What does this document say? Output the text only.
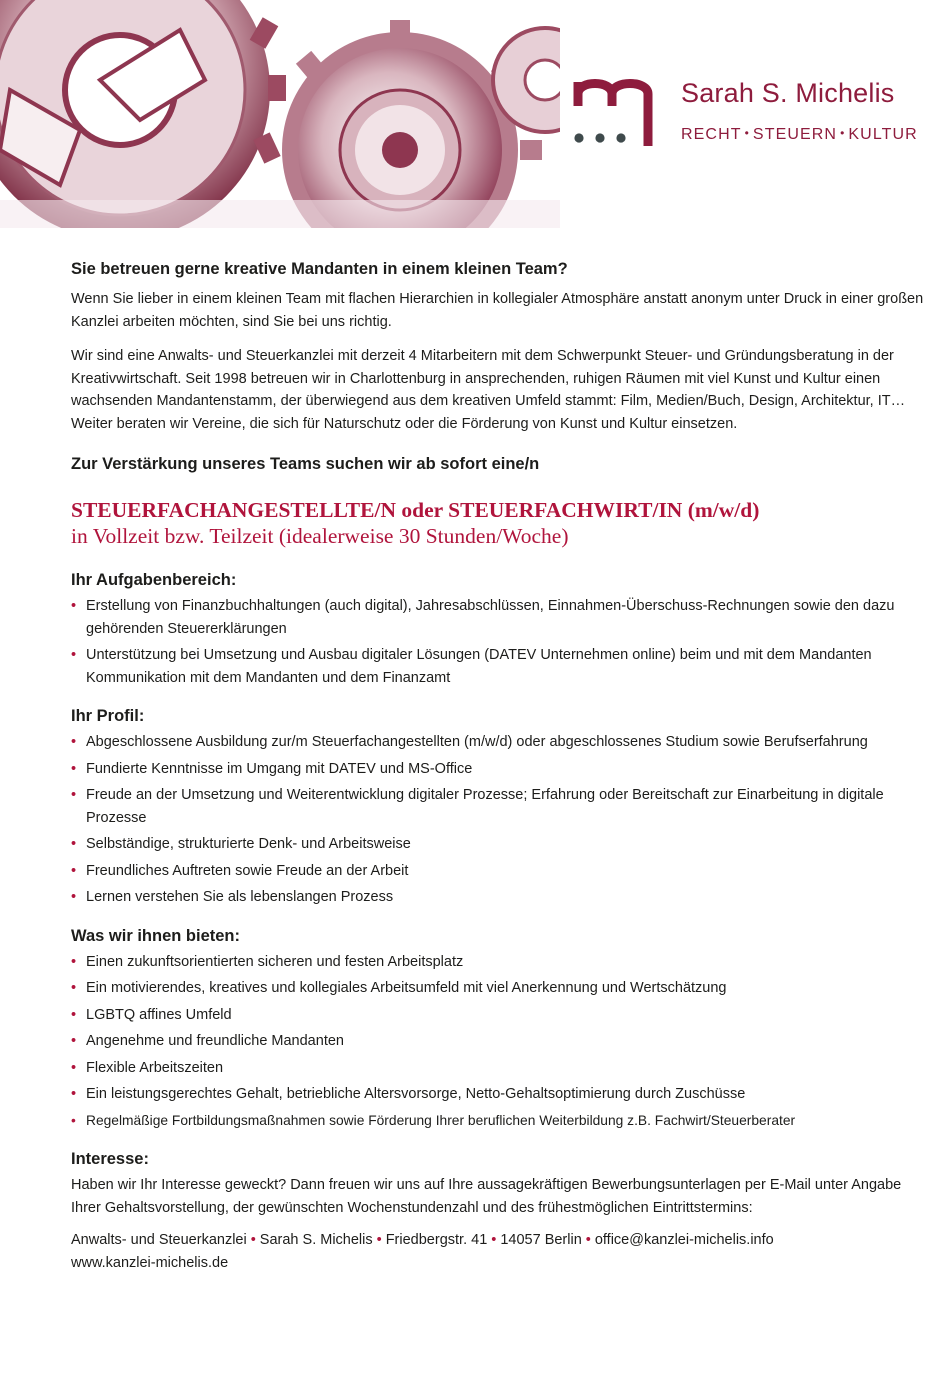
Sarah S. Michelis
RECHT • STEUERN • KULTUR
Sie betreuen gerne kreative Mandanten in einem kleinen Team?

Wenn Sie lieber in einem kleinen Team mit flachen Hierarchien in kollegialer Atmosphäre anstatt anonym unter Druck in einer großen Kanzlei arbeiten möchten, sind Sie bei uns richtig.

Wir sind eine Anwalts- und Steuerkanzlei mit derzeit 4 Mitarbeitern mit dem Schwerpunkt Steuer- und Gründungsberatung in der Kreativwirtschaft. Seit 1998 betreuen wir in Charlottenburg in ansprechenden, ruhigen Räumen mit viel Kunst und Kultur einen wachsenden Mandantenstamm, der überwiegend aus dem kreativen Umfeld stammt: Film, Medien/Buch, Design, Architektur, IT…

Weiter beraten wir Vereine, die sich für Naturschutz oder die Förderung von Kunst und Kultur einsetzen.

Zur Verstärkung unseres Teams suchen wir ab sofort eine/n
STEUERFACHANGESTELLTE/N oder STEUERFACHWIRT/IN (m/w/d)
in Vollzeit bzw. Teilzeit (idealerweise 30 Stunden/Woche)
Ihr Aufgabenbereich:
• Erstellung von Finanzbuchhaltungen (auch digital), Jahresabschlüssen, Einnahmen-Überschuss-Rechnungen sowie den dazu gehörenden Steuererklärungen
• Unterstützung bei Umsetzung und Ausbau digitaler Lösungen (DATEV Unternehmen online) beim und mit dem Mandanten Kommunikation mit dem Mandanten und dem Finanzamt
Ihr Profil:
• Abgeschlossene Ausbildung zur/m Steuerfachangestellten (m/w/d) oder abgeschlossenes Studium sowie Berufserfahrung
• Fundierte Kenntnisse im Umgang mit DATEV und MS-Office
• Freude an der Umsetzung und Weiterentwicklung digitaler Prozesse; Erfahrung oder Bereitschaft zur Einarbeitung in digitale Prozesse
• Selbständige, strukturierte Denk- und Arbeitsweise
• Freundliches Auftreten sowie Freude an der Arbeit
• Lernen verstehen Sie als lebenslangen Prozess
Was wir ihnen bieten:
• Einen zukunftsorientierten sicheren und festen Arbeitsplatz
• Ein motivierendes, kreatives und kollegiales Arbeitsumfeld mit viel Anerkennung und Wertschätzung
• LGBTQ affines Umfeld
• Angenehme und freundliche Mandanten
• Flexible Arbeitszeiten
• Ein leistungsgerechtes Gehalt, betriebliche Altersvorsorge, Netto-Gehaltsoptimierung durch Zuschüsse
• Regelmäßige Fortbildungsmaßnahmen sowie Förderung Ihrer beruflichen Weiterbildung z.B. Fachwirt/Steuerberater
Interesse:

Haben wir Ihr Interesse geweckt? Dann freuen wir uns auf Ihre aussagekräftigen Bewerbungsunterlagen per E-Mail unter Angabe Ihrer Gehaltsvorstellung, der gewünschten Wochenstundenzahl und des frühestmöglichen Eintrittstermins:

Anwalts- und Steuerkanzlei • Sarah S. Michelis • Friedbergstr. 41 • 14057 Berlin • office@kanzlei-michelis.info

www.kanzlei-michelis.de
